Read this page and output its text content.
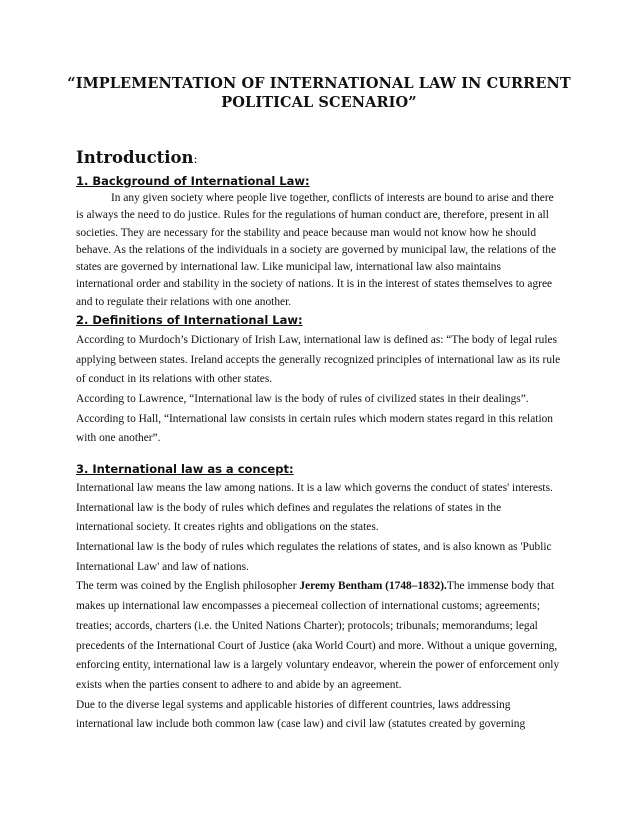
“IMPLEMENTATION OF INTERNATIONAL LAW IN CURRENT
POLITICAL SCENARIO”
Introduction:
1. Background of International Law:
In any given society where people live together, conflicts of interests are bound to arise and there
is always the need to do justice. Rules for the regulations of human conduct are, therefore, present in all
societies. They are necessary for the stability and peace because man would not know how he should
behave. As the relations of the individuals in a society are governed by municipal law, the relations of the
states are governed by international law. Like municipal law, international law also maintains
international order and stability in the society of nations. It is in the interest of states themselves to agree
and to regulate their relations with one another.
2. Definitions of International Law:
According to Murdoch’s Dictionary of Irish Law, international law is defined as: “The body of legal rules
applying between states. Ireland accepts the generally recognized principles of international law as its rule
of conduct in its relations with other states.
According to Lawrence, “International law is the body of rules of civilized states in their dealings”.
According to Hall, “International law consists in certain rules which modern states regard in this relation
with one another”.
3. International law as a concept:
International law means the law among nations. It is a law which governs the conduct of states' interests.
International law is the body of rules which defines and regulates the relations of states in the
international society. It creates rights and obligations on the states.
International law is the body of rules which regulates the relations of states, and is also known as 'Public
International Law' and law of nations.
The term was coined by the English philosopher Jeremy Bentham (1748–1832).The immense body that
makes up international law encompasses a piecemeal collection of international customs; agreements;
treaties; accords, charters (i.e. the United Nations Charter); protocols; tribunals; memorandums; legal
precedents of the International Court of Justice (aka World Court) and more. Without a unique governing,
enforcing entity, international law is a largely voluntary endeavor, wherein the power of enforcement only
exists when the parties consent to adhere to and abide by an agreement.
Due to the diverse legal systems and applicable histories of different countries, laws addressing
international law include both common law (case law) and civil law (statutes created by governing
